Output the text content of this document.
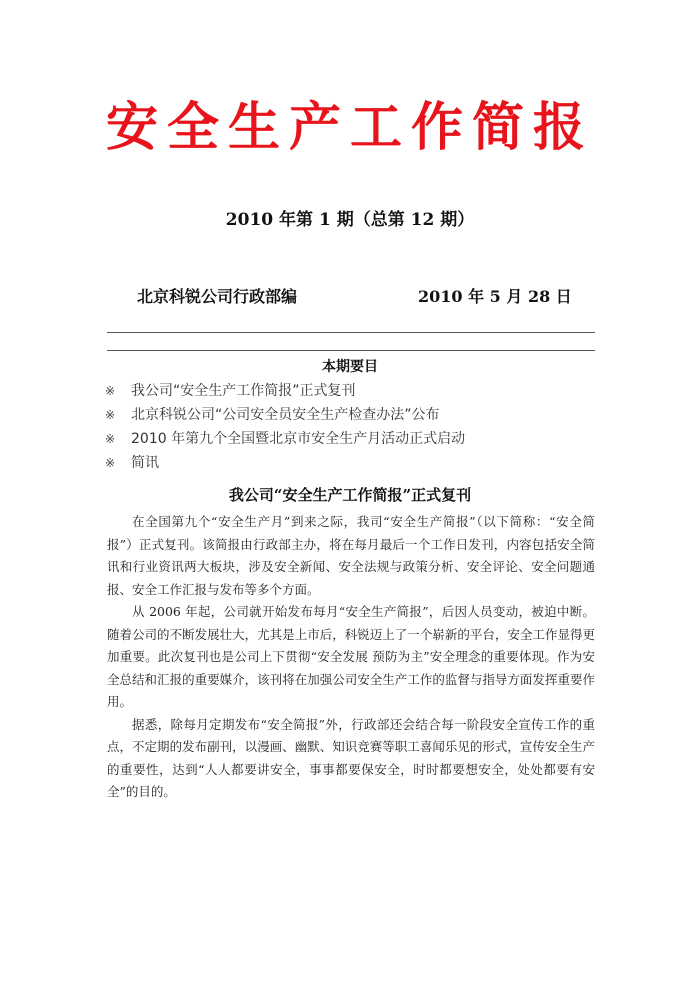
安全生产工作简报
2010 年第 1 期（总第 12 期）
北京科锐公司行政部编	2010 年 5 月 28 日
本期要目
※ 我公司“安全生产工作简报”正式复刊
※ 北京科锐公司“公司安全员安全生产检查办法”公布
※ 2010 年第九个全国暨北京市安全生产月活动正式启动
※ 简讯
我公司“安全生产工作简报”正式复刊

在全国第九个“安全生产月”到来之际，我司“安全生产简报”（以下简称：“安全简报”）正式复刊。该简报由行政部主办，将在每月最后一个工作日发刊，内容包括安全简讯和行业资讯两大板块，涉及安全新闻、安全法规与政策分析、安全评论、安全问题通报、安全工作汇报与发布等多个方面。

从 2006 年起，公司就开始发布每月“安全生产简报”，后因人员变动，被迫中断。随着公司的不断发展壮大，尤其是上市后，科锐迈上了一个崭新的平台，安全工作显得更加重要。此次复刊也是公司上下贯彻“安全发展 预防为主”安全理念的重要体现。作为安全总结和汇报的重要媒介，该刊将在加强公司安全生产工作的监督与指导方面发挥重要作用。

据悉，除每月定期发布“安全简报”外，行政部还会结合每一阶段安全宣传工作的重点，不定期的发布副刊，以漫画、幽默、知识竞赛等职工喜闻乐见的形式，宣传安全生产的重要性，达到“人人都要讲安全，事事都要保安全，时时都要想安全，处处都要有安全”的目的。
